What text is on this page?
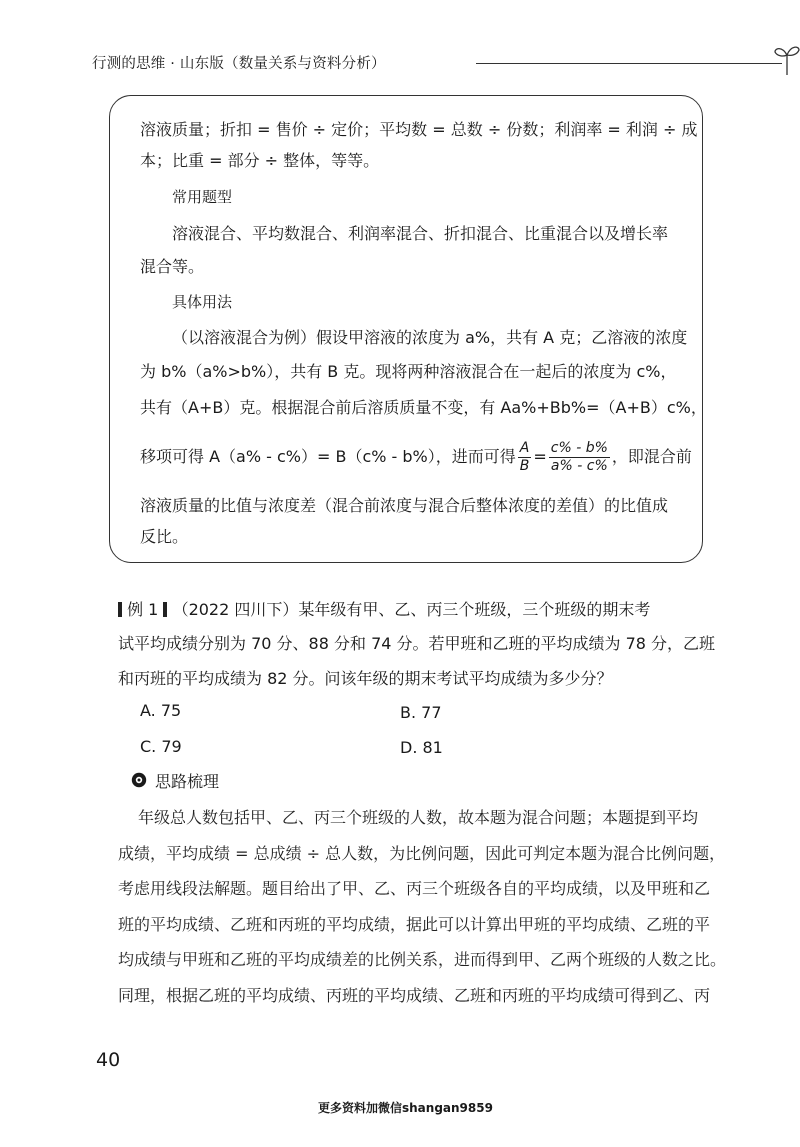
行测的思维 · 山东版（数量关系与资料分析）
溶液质量；折扣 = 售价 ÷ 定价；平均数 = 总数 ÷ 份数；利润率 = 利润 ÷ 成
本；比重 = 部分 ÷ 整体，等等。
常用题型
溶液混合、平均数混合、利润率混合、折扣混合、比重混合以及增长率
混合等。
具体用法
（以溶液混合为例）假设甲溶液的浓度为 a%，共有 A 克；乙溶液的浓度
为 b%（a%>b%），共有 B 克。现将两种溶液混合在一起后的浓度为 c%，
共有（A+B）克。根据混合前后溶质质量不变，有 Aa%+Bb%=（A+B）c%，
移项可得 A（a% - c%）= B（c% - b%），进而可得 $\frac{A}{B} = \frac{c\% - b\%}{a\% - c\%}$ ，即混合前
溶液质量的比值与浓度差（混合前浓度与混合后整体浓度的差值）的比值成
反比。
例 1 （2022 四川下）某年级有甲、乙、丙三个班级，三个班级的期末考
试平均成绩分别为 70 分、88 分和 74 分。若甲班和乙班的平均成绩为 78 分，乙班
和丙班的平均成绩为 82 分。问该年级的期末考试平均成绩为多少分？
A. 75	B. 77
C. 79	D. 81
思路梳理
年级总人数包括甲、乙、丙三个班级的人数，故本题为混合问题；本题提到平均
成绩，平均成绩 = 总成绩 ÷ 总人数，为比例问题，因此可判定本题为混合比例问题，
考虑用线段法解题。题目给出了甲、乙、丙三个班级各自的平均成绩，以及甲班和乙
班的平均成绩、乙班和丙班的平均成绩，据此可以计算出甲班的平均成绩、乙班的平
均成绩与甲班和乙班的平均成绩差的比例关系，进而得到甲、乙两个班级的人数之比。
同理，根据乙班的平均成绩、丙班的平均成绩、乙班和丙班的平均成绩可得到乙、丙
40
更多资料加微信shangan9859
